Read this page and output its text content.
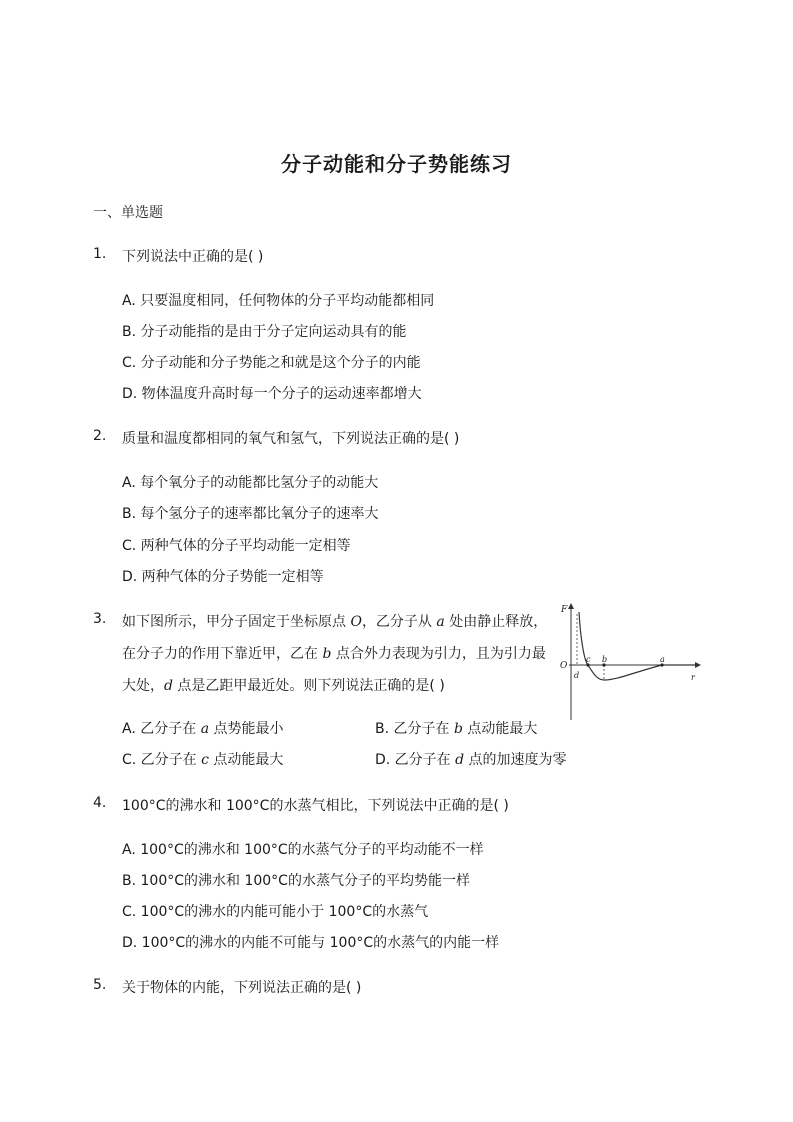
分子动能和分子势能练习
一、单选题
1. 下列说法中正确的是( )
A. 只要温度相同，任何物体的分子平均动能都相同
B. 分子动能指的是由于分子定向运动具有的能
C. 分子动能和分子势能之和就是这个分子的内能
D. 物体温度升高时每一个分子的运动速率都增大
2. 质量和温度都相同的氧气和氢气，下列说法正确的是( )
A. 每个氧分子的动能都比氢分子的动能大
B. 每个氢分子的速率都比氧分子的速率大
C. 两种气体的分子平均动能一定相等
D. 两种气体的分子势能一定相等
3. 如下图所示，甲分子固定于坐标原点 O，乙分子从 a 处由静止释放，
在分子力的作用下靠近甲，乙在 b 点合外力表现为引力，且为引力最
大处，d 点是乙距甲最近处。则下列说法正确的是( )
A. 乙分子在 a 点势能最小	B. 乙分子在 b 点动能最大
C. 乙分子在 c 点动能最大	D. 乙分子在 d 点的加速度为零
F
r
O
c b	a
d
4. 100°C的沸水和 100°C的水蒸气相比，下列说法中正确的是( )
A. 100°C的沸水和 100°C的水蒸气分子的平均动能不一样
B. 100°C的沸水和 100°C的水蒸气分子的平均势能一样
C. 100°C的沸水的内能可能小于 100°C的水蒸气
D. 100°C的沸水的内能不可能与 100°C的水蒸气的内能一样
5. 关于物体的内能，下列说法正确的是( )
